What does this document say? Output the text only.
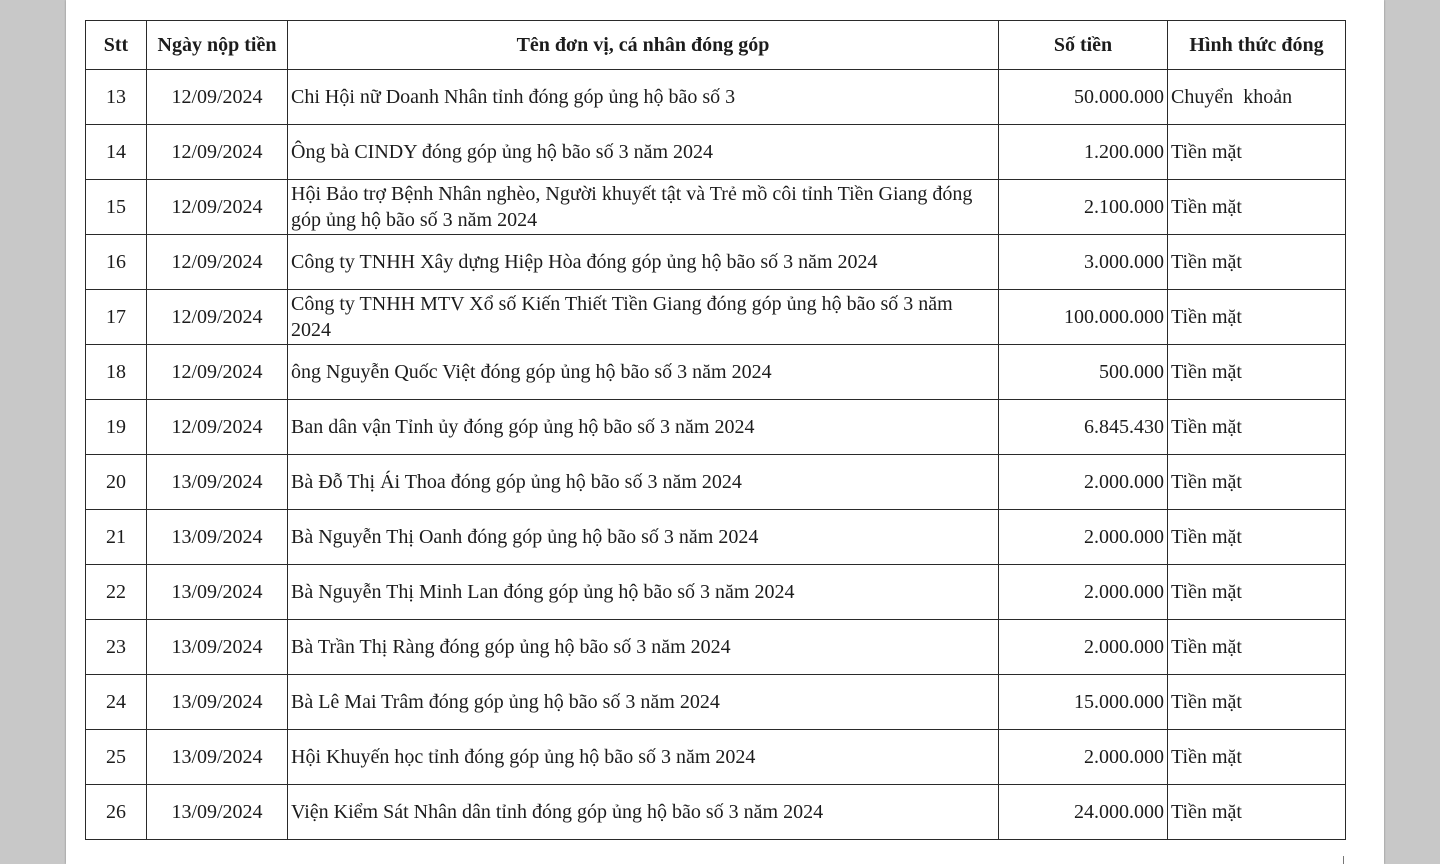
Stt	Ngày nộp tiền	Tên đơn vị, cá nhân đóng góp	Số tiền	Hình thức đóng
13	12/09/2024	Chi Hội nữ Doanh Nhân tỉnh đóng góp ủng hộ bão số 3	50.000.000	Chuyển  khoản
14	12/09/2024	Ông bà CINDY đóng góp ủng hộ bão số 3 năm 2024	1.200.000	Tiền mặt
15	12/09/2024	Hội Bảo trợ Bệnh Nhân nghèo, Người khuyết tật và Trẻ mồ côi tỉnh Tiền Giang đóng góp ủng hộ bão số 3 năm 2024	2.100.000	Tiền mặt
16	12/09/2024	Công ty TNHH Xây dựng Hiệp Hòa đóng góp ủng hộ bão số 3 năm 2024	3.000.000	Tiền mặt
17	12/09/2024	Công ty TNHH MTV Xổ số Kiến Thiết Tiền Giang đóng góp ủng hộ bão số 3 năm 2024	100.000.000	Tiền mặt
18	12/09/2024	ông Nguyễn Quốc Việt đóng góp ủng hộ bão số 3 năm 2024	500.000	Tiền mặt
19	12/09/2024	Ban dân vận Tỉnh ủy đóng góp ủng hộ bão số 3 năm 2024	6.845.430	Tiền mặt
20	13/09/2024	Bà Đỗ Thị Ái Thoa đóng góp ủng hộ bão số 3 năm 2024	2.000.000	Tiền mặt
21	13/09/2024	Bà Nguyễn Thị Oanh đóng góp ủng hộ bão số 3 năm 2024	2.000.000	Tiền mặt
22	13/09/2024	Bà Nguyễn Thị Minh Lan đóng góp ủng hộ bão số 3 năm 2024	2.000.000	Tiền mặt
23	13/09/2024	Bà Trần Thị Ràng đóng góp ủng hộ bão số 3 năm 2024	2.000.000	Tiền mặt
24	13/09/2024	Bà Lê Mai Trâm đóng góp ủng hộ bão số 3 năm 2024	15.000.000	Tiền mặt
25	13/09/2024	Hội Khuyến học tỉnh đóng góp ủng hộ bão số 3 năm 2024	2.000.000	Tiền mặt
26	13/09/2024	Viện Kiểm Sát Nhân dân tỉnh đóng góp ủng hộ bão số 3 năm 2024	24.000.000	Tiền mặt
